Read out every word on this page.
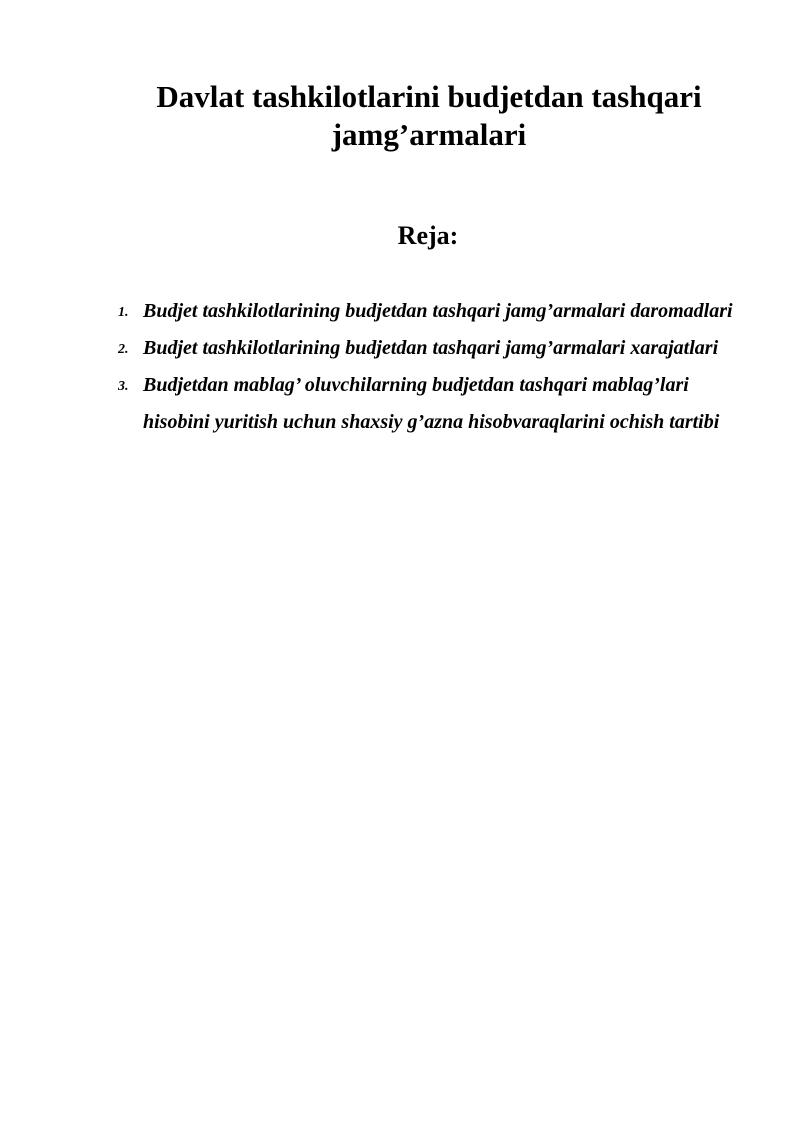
Davlat tashkilotlarini budjetdan tashqari jamg’armalari
Reja:
1. Budjet tashkilotlarining budjetdan tashqari jamg’armalari daromadlari
2. Budjet tashkilotlarining budjetdan tashqari jamg’armalari xarajatlari
3. Budjetdan mablag’ oluvchilarning budjetdan tashqari mablag’lari hisobini yuritish uchun shaxsiy g’azna hisobvaraqlarini ochish tartibi
